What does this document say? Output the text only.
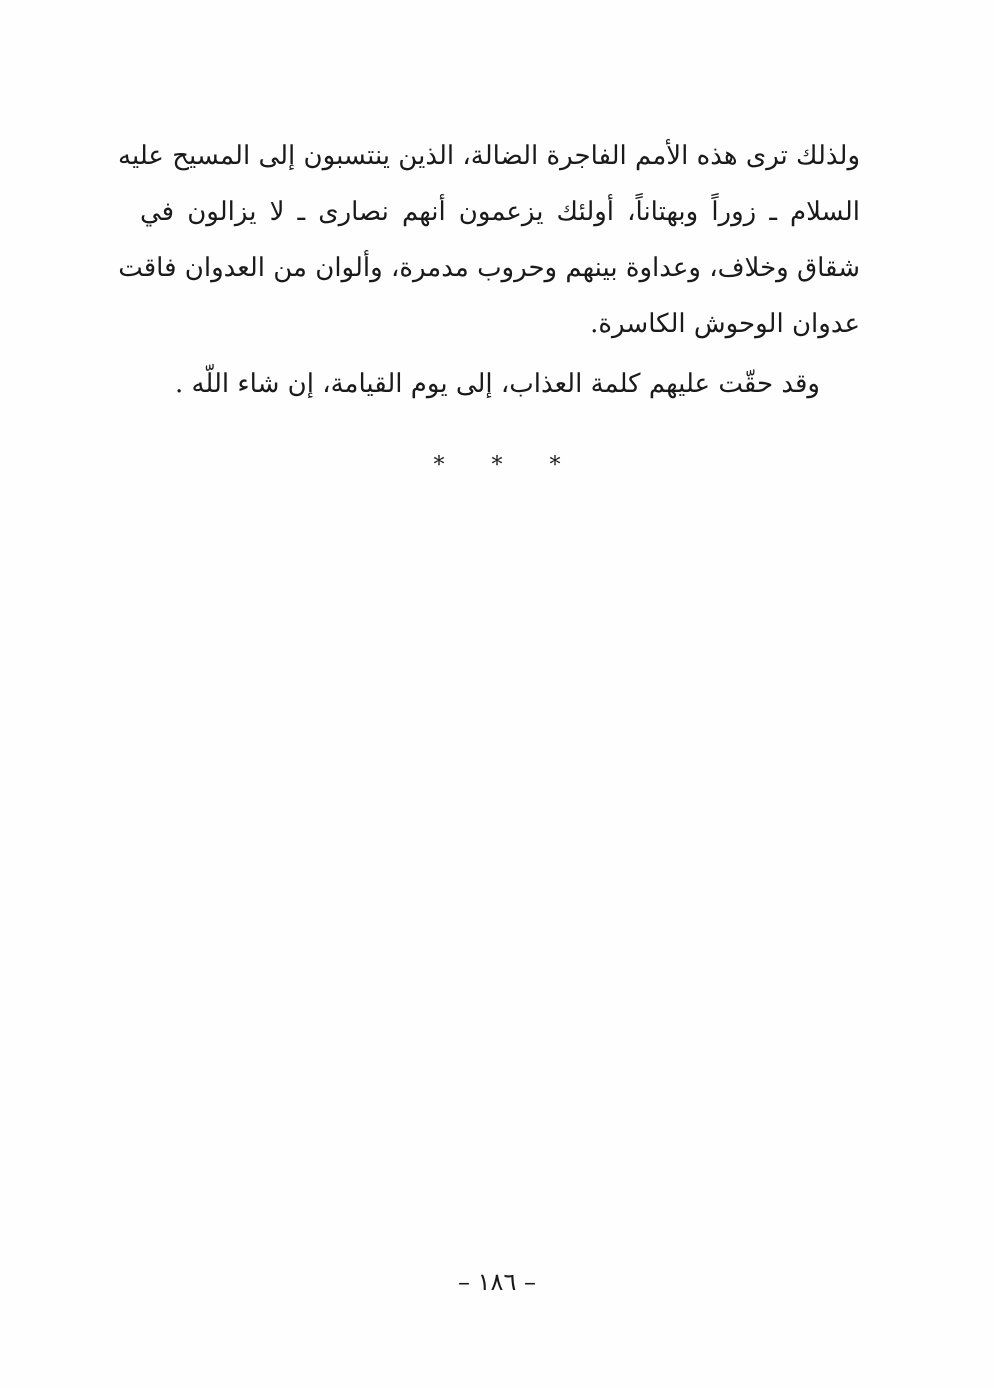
ولذلك ترى هذه الأمم الفاجرة الضالة، الذين ينتسبون إلى المسيح عليه
السلام ـ زوراً وبهتاناً، أولئك يزعمون أنهم نصارى ـ لا يزالون في
شقاق وخلاف، وعداوة بينهم وحروب مدمرة، وألوان من العدوان فاقت
عدوان الوحوش الكاسرة.
وقد حقّت عليهم كلمة العذاب، إلى يوم القيامة، إن شاء اللّه .
* * *
– ١٨٦ –
